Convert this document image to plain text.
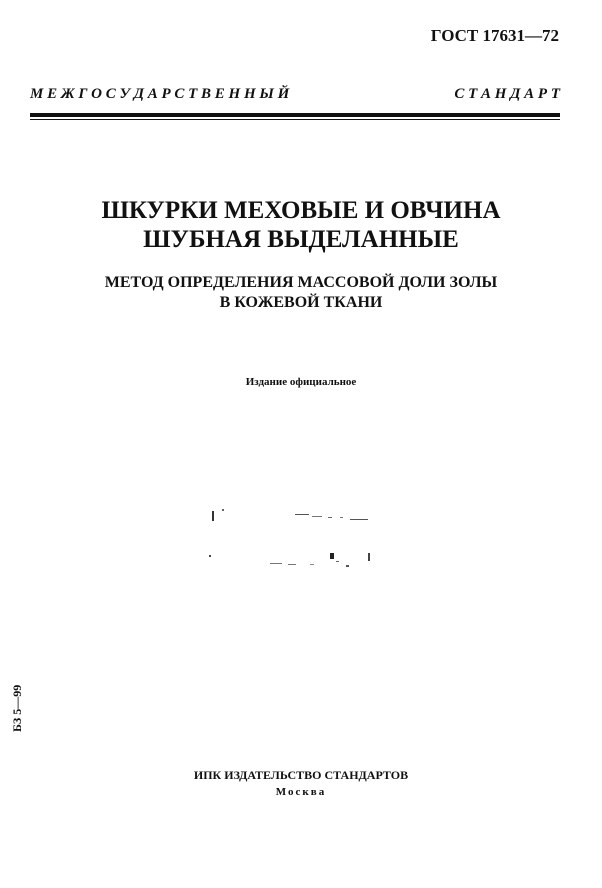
ГОСТ 17631—72
М Е Ж Г О С У Д А Р С Т В Е Н Н Ы Й	С Т А Н Д А Р Т
ШКУРКИ МЕХОВЫЕ И ОВЧИНА
ШУБНАЯ ВЫДЕЛАННЫЕ
МЕТОД ОПРЕДЕЛЕНИЯ МАССОВОЙ ДОЛИ ЗОЛЫ
В КОЖЕВОЙ ТКАНИ
Издание официальное
БЗ 5—99
ИПК ИЗДАТЕЛЬСТВО СТАНДАРТОВ
Москва
